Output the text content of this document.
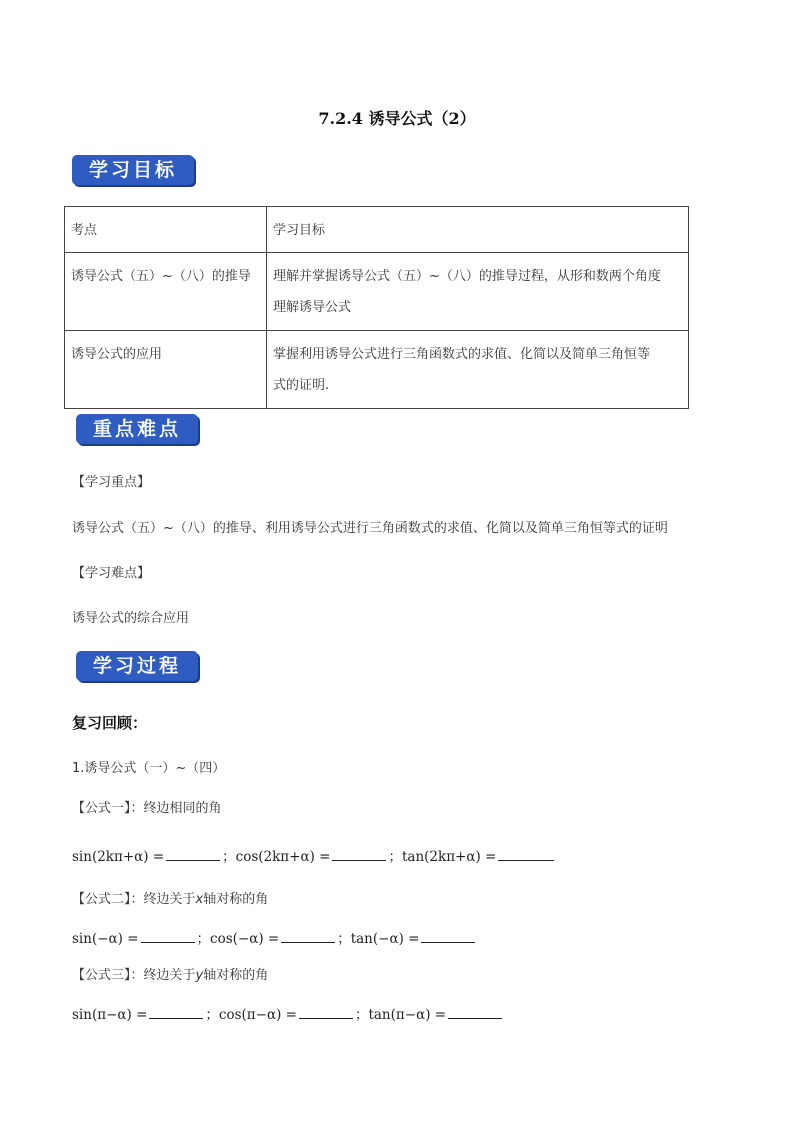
7.2.4 诱导公式（2）
学习目标
考点	学习目标
诱导公式（五）~（八）的推导	理解并掌握诱导公式（五）~（八）的推导过程，从形和数两个角度
理解诱导公式

诱导公式的应用	掌握利用诱导公式进行三角函数式的求值、化简以及简单三角恒等
式的证明.
重点难点
【学习重点】
诱导公式（五）~（八）的推导、利用诱导公式进行三角函数式的求值、化简以及简单三角恒等式的证明
【学习难点】
诱导公式的综合应用
学习过程
复习回顾：
1.诱导公式（一）~（四）
【公式一】：终边相同的角
sin(2kπ+α) =	；cos(2kπ+α) =	；tan(2kπ+α) =
【公式二】：终边关于x轴对称的角
sin(−α) =	；cos(−α) =	；tan(−α) =
【公式三】：终边关于y轴对称的角
sin(π−α) =	；cos(π−α) =	；tan(π−α) =
